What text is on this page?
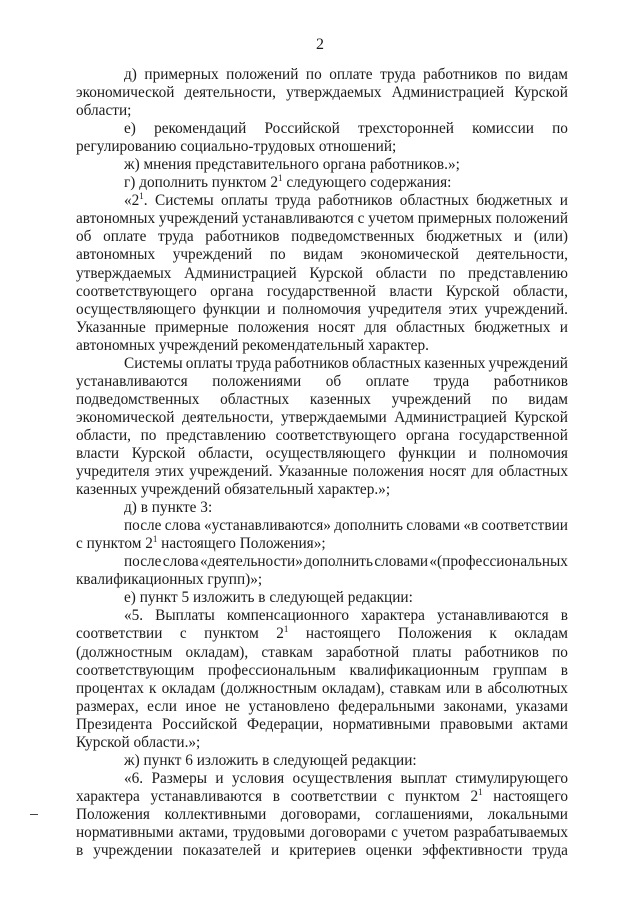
2
д) примерных положений по оплате труда работников по видам
экономической деятельности, утверждаемых Администрацией Курской
области;
е) рекомендаций Российской трехсторонней комиссии по
регулированию социально-трудовых отношений;
ж) мнения представительного органа работников.»;
г) дополнить пунктом $2^1$ следующего содержания:
«$2^1$. Системы оплаты труда работников областных бюджетных и
автономных учреждений устанавливаются с учетом примерных положений
об оплате труда работников подведомственных бюджетных и (или)
автономных учреждений по видам экономической деятельности,
утверждаемых Администрацией Курской области по представлению
соответствующего органа государственной власти Курской области,
осуществляющего функции и полномочия учредителя этих учреждений.
Указанные примерные положения носят для областных бюджетных и
автономных учреждений рекомендательный характер.
Системы оплаты труда работников областных казенных учреждений
устанавливаются положениями об оплате труда работников
подведомственных областных казенных учреждений по видам
экономической деятельности, утверждаемыми Администрацией Курской
области, по представлению соответствующего органа государственной
власти Курской области, осуществляющего функции и полномочия
учредителя этих учреждений. Указанные положения носят для областных
казенных учреждений обязательный характер.»;
д) в пункте 3:
после слова «устанавливаются» дополнить словами «в соответствии
с пунктом $2^1$ настоящего Положения»;
после слова «деятельности» дополнить словами «(профессиональных
квалификационных групп)»;
е) пункт 5 изложить в следующей редакции:
«5. Выплаты компенсационного характера устанавливаются в
соответствии с пунктом $2^1$ настоящего Положения к окладам
(должностным окладам), ставкам заработной платы работников по
соответствующим профессиональным квалификационным группам в
процентах к окладам (должностным окладам), ставкам или в абсолютных
размерах, если иное не установлено федеральными законами, указами
Президента Российской Федерации, нормативными правовыми актами
Курской области.»;
ж) пункт 6 изложить в следующей редакции:
«6. Размеры и условия осуществления выплат стимулирующего
характера устанавливаются в соответствии с пунктом $2^1$ настоящего
Положения коллективными договорами, соглашениями, локальными
нормативными актами, трудовыми договорами с учетом разрабатываемых
в учреждении показателей и критериев оценки эффективности труда
